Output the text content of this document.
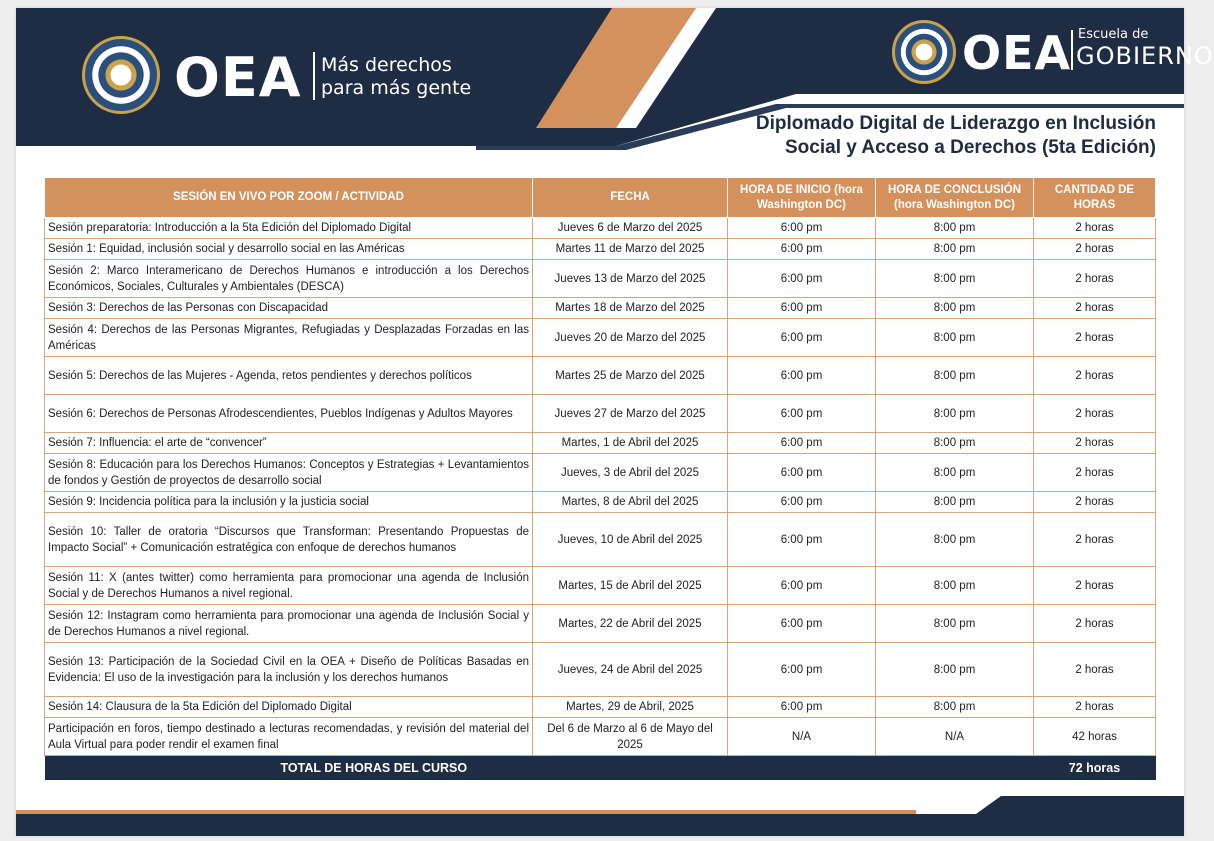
OEA Más derechos
para más gente
OEA Escuela de
GOBIERNO
Diplomado Digital de Liderazgo en Inclusión
Social y Acceso a Derechos (5ta Edición)
SESIÓN EN VIVO POR ZOOM / ACTIVIDAD	FECHA	HORA DE INICIO (hora Washington DC)	HORA DE CONCLUSIÓN (hora Washington DC)	CANTIDAD DE HORAS
Sesión preparatoria: Introducción a la 5ta Edición del Diplomado Digital	Jueves 6 de Marzo del 2025	6:00 pm	8:00 pm	2 horas
Sesión 1: Equidad, inclusión social y desarrollo social en las Américas	Martes 11 de Marzo del 2025	6:00 pm	8:00 pm	2 horas
Sesión 2: Marco Interamericano de Derechos Humanos e introducción a los Derechos Económicos, Sociales, Culturales y Ambientales (DESCA)	Jueves 13 de Marzo del 2025	6:00 pm	8:00 pm	2 horas
Sesión 3: Derechos de las Personas con Discapacidad	Martes 18 de Marzo del 2025	6:00 pm	8:00 pm	2 horas
Sesión 4: Derechos de las Personas Migrantes, Refugiadas y Desplazadas Forzadas en las Américas	Jueves 20 de Marzo del 2025	6:00 pm	8:00 pm	2 horas
Sesión 5: Derechos de las Mujeres - Agenda, retos pendientes y derechos políticos	Martes 25 de Marzo del 2025	6:00 pm	8:00 pm	2 horas
Sesión 6: Derechos de Personas Afrodescendientes, Pueblos Indígenas y Adultos Mayores	Jueves 27 de Marzo del 2025	6:00 pm	8:00 pm	2 horas
Sesión 7: Influencia: el arte de “convencer”	Martes, 1 de Abril del 2025	6:00 pm	8:00 pm	2 horas
Sesión 8: Educación para los Derechos Humanos: Conceptos y Estrategias + Levantamientos de fondos y Gestión de proyectos de desarrollo social	Jueves, 3 de Abril del 2025	6:00 pm	8:00 pm	2 horas
Sesión 9: Incidencia política para la inclusión y la justicia social	Martes, 8 de Abril del 2025	6:00 pm	8:00 pm	2 horas
Sesión 10: Taller de oratoria “Discursos que Transforman: Presentando Propuestas de Impacto Social” + Comunicación estratégica con enfoque de derechos humanos	Jueves, 10 de Abril del 2025	6:00 pm	8:00 pm	2 horas
Sesión 11: X (antes twitter) como herramienta para promocionar una agenda de Inclusión Social y de Derechos Humanos a nivel regional.	Martes, 15 de Abril del 2025	6:00 pm	8:00 pm	2 horas
Sesión 12: Instagram como herramienta para promocionar una agenda de Inclusión Social y de Derechos Humanos a nivel regional.	Martes, 22 de Abril del 2025	6:00 pm	8:00 pm	2 horas
Sesión 13: Participación de la Sociedad Civil en la OEA + Diseño de Políticas Basadas en Evidencia: El uso de la investigación para la inclusión y los derechos humanos	Jueves, 24 de Abril del 2025	6:00 pm	8:00 pm	2 horas
Sesión 14: Clausura de la 5ta Edición del Diplomado Digital	Martes, 29 de Abril, 2025	6:00 pm	8:00 pm	2 horas
Participación en foros, tiempo destinado a lecturas recomendadas, y revisión del material del Aula Virtual para poder rendir el examen final	Del 6 de Marzo al 6 de Mayo del 2025	N/A	N/A	42 horas
TOTAL DE HORAS DEL CURSO				72 horas
